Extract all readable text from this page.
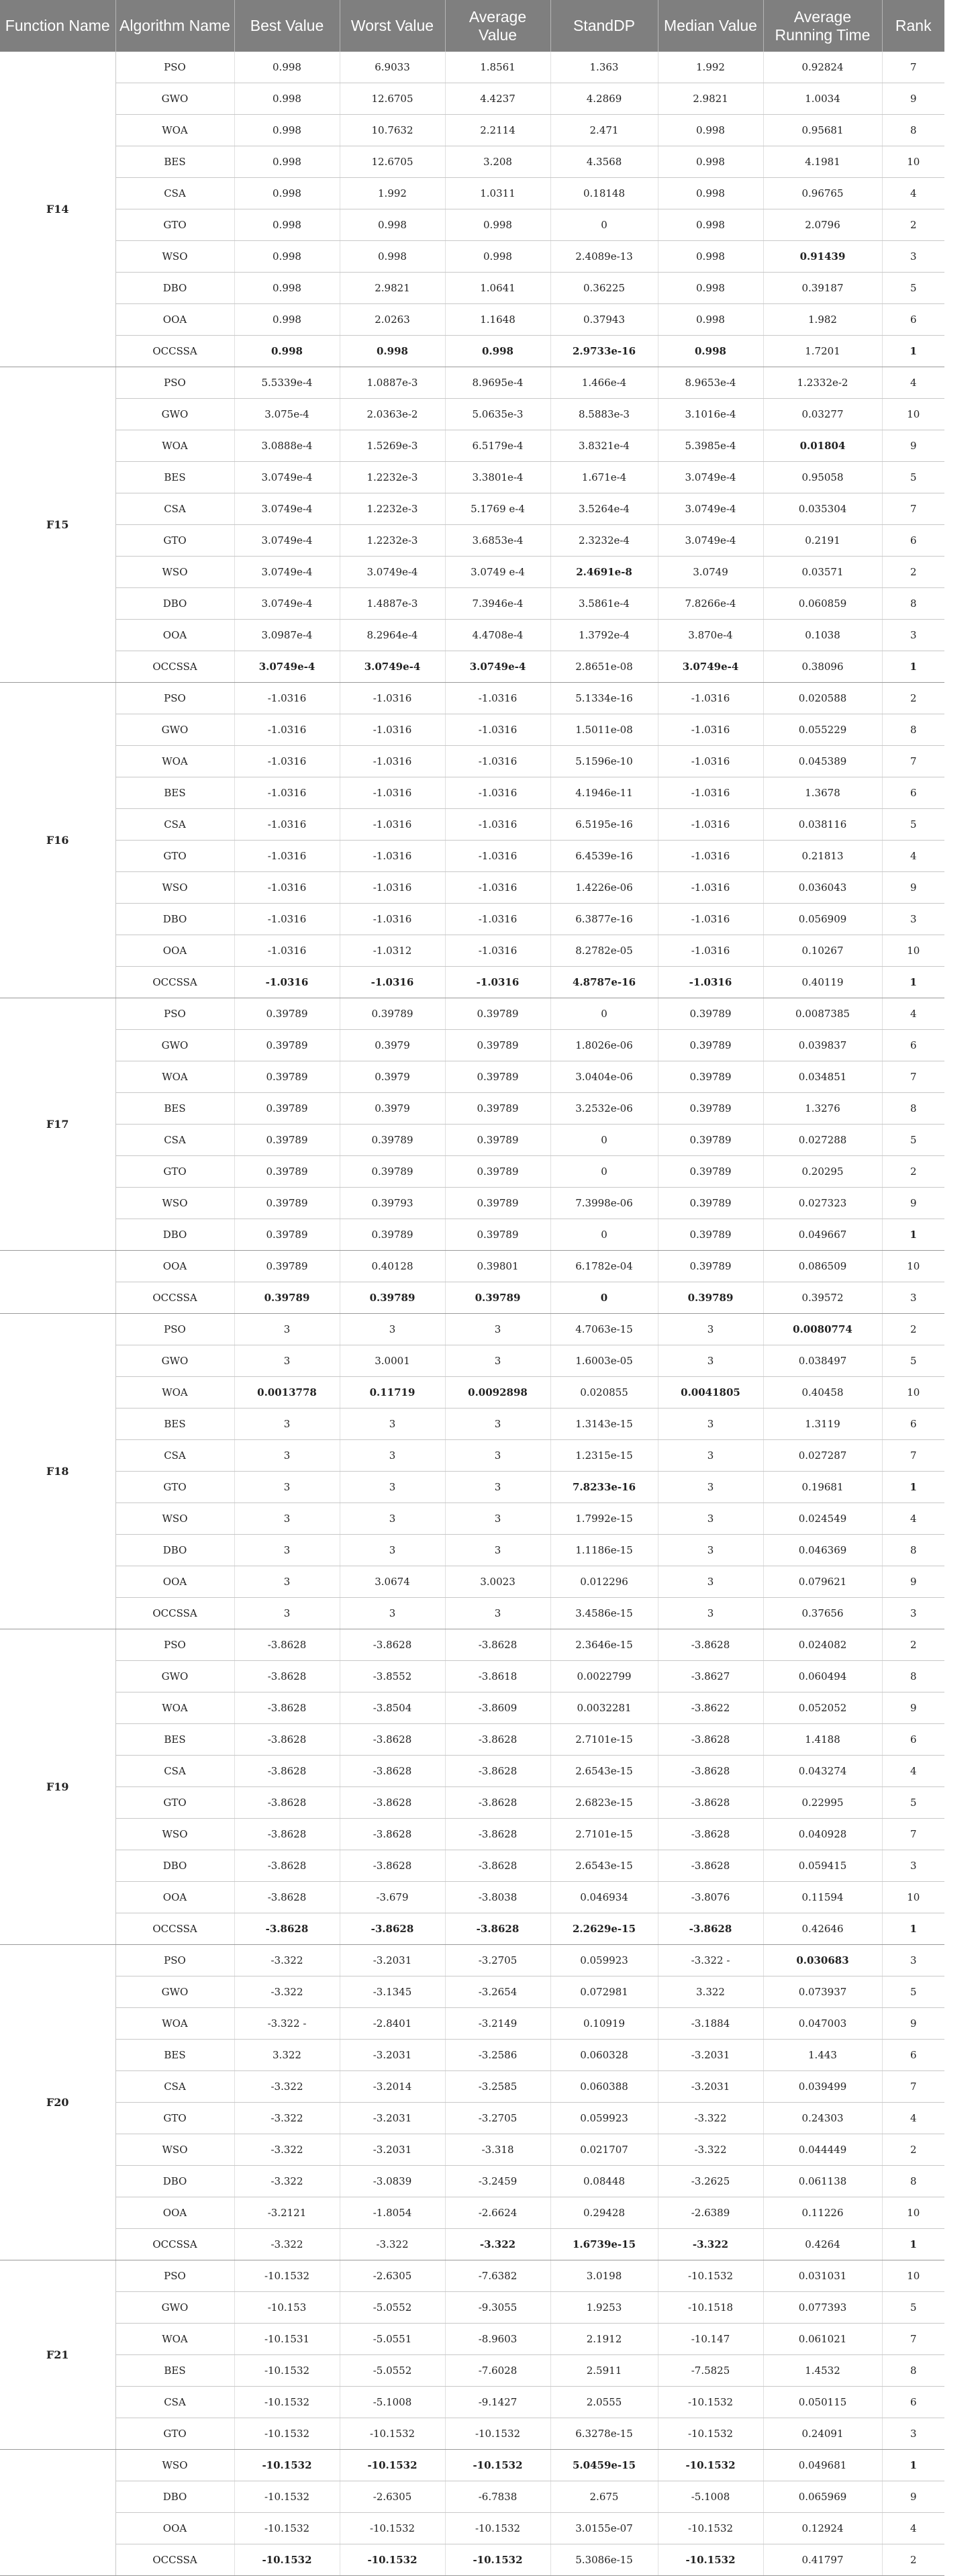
Function Name	Algorithm Name	Best Value	Worst Value	Average Value	StandDP	Median Value	Average Running Time	Rank
F14	PSO	0.998	6.9033	1.8561	1.363	1.992	0.92824	7
	GWO	0.998	12.6705	4.4237	4.2869	2.9821	1.0034	9
	WOA	0.998	10.7632	2.2114	2.471	0.998	0.95681	8
	BES	0.998	12.6705	3.208	4.3568	0.998	4.1981	10
	CSA	0.998	1.992	1.0311	0.18148	0.998	0.96765	4
	GTO	0.998	0.998	0.998	0	0.998	2.0796	2
	WSO	0.998	0.998	0.998	2.4089e-13	0.998	0.91439	3
	DBO	0.998	2.9821	1.0641	0.36225	0.998	0.39187	5
	OOA	0.998	2.0263	1.1648	0.37943	0.998	1.982	6
	OCCSSA	0.998	0.998	0.998	2.9733e-16	0.998	1.7201	1
F15	PSO	5.5339e-4	1.0887e-3	8.9695e-4	1.466e-4	8.9653e-4	1.2332e-2	4
	GWO	3.075e-4	2.0363e-2	5.0635e-3	8.5883e-3	3.1016e-4	0.03277	10
	WOA	3.0888e-4	1.5269e-3	6.5179e-4	3.8321e-4	5.3985e-4	0.01804	9
	BES	3.0749e-4	1.2232e-3	3.3801e-4	1.671e-4	3.0749e-4	0.95058	5
	CSA	3.0749e-4	1.2232e-3	5.1769 e-4	3.5264e-4	3.0749e-4	0.035304	7
	GTO	3.0749e-4	1.2232e-3	3.6853e-4	2.3232e-4	3.0749e-4	0.2191	6
	WSO	3.0749e-4	3.0749e-4	3.0749 e-4	2.4691e-8	3.0749	0.03571	2
	DBO	3.0749e-4	1.4887e-3	7.3946e-4	3.5861e-4	7.8266e-4	0.060859	8
	OOA	3.0987e-4	8.2964e-4	4.4708e-4	1.3792e-4	3.870e-4	0.1038	3
	OCCSSA	3.0749e-4	3.0749e-4	3.0749e-4	2.8651e-08	3.0749e-4	0.38096	1
F16	PSO	-1.0316	-1.0316	-1.0316	5.1334e-16	-1.0316	0.020588	2
	GWO	-1.0316	-1.0316	-1.0316	1.5011e-08	-1.0316	0.055229	8
	WOA	-1.0316	-1.0316	-1.0316	5.1596e-10	-1.0316	0.045389	7
	BES	-1.0316	-1.0316	-1.0316	4.1946e-11	-1.0316	1.3678	6
	CSA	-1.0316	-1.0316	-1.0316	6.5195e-16	-1.0316	0.038116	5
	GTO	-1.0316	-1.0316	-1.0316	6.4539e-16	-1.0316	0.21813	4
	WSO	-1.0316	-1.0316	-1.0316	1.4226e-06	-1.0316	0.036043	9
	DBO	-1.0316	-1.0316	-1.0316	6.3877e-16	-1.0316	0.056909	3
	OOA	-1.0316	-1.0312	-1.0316	8.2782e-05	-1.0316	0.10267	10
	OCCSSA	-1.0316	-1.0316	-1.0316	4.8787e-16	-1.0316	0.40119	1
F17	PSO	0.39789	0.39789	0.39789	0	0.39789	0.0087385	4
	GWO	0.39789	0.3979	0.39789	1.8026e-06	0.39789	0.039837	6
	WOA	0.39789	0.3979	0.39789	3.0404e-06	0.39789	0.034851	7
	BES	0.39789	0.3979	0.39789	3.2532e-06	0.39789	1.3276	8
	CSA	0.39789	0.39789	0.39789	0	0.39789	0.027288	5
	GTO	0.39789	0.39789	0.39789	0	0.39789	0.20295	2
	WSO	0.39789	0.39793	0.39789	7.3998e-06	0.39789	0.027323	9
	DBO	0.39789	0.39789	0.39789	0	0.39789	0.049667	1
	OOA	0.39789	0.40128	0.39801	6.1782e-04	0.39789	0.086509	10
	OCCSSA	0.39789	0.39789	0.39789	0	0.39789	0.39572	3
F18	PSO	3	3	3	4.7063e-15	3	0.0080774	2
	GWO	3	3.0001	3	1.6003e-05	3	0.038497	5
	WOA	0.0013778	0.11719	0.0092898	0.020855	0.0041805	0.40458	10
	BES	3	3	3	1.3143e-15	3	1.3119	6
	CSA	3	3	3	1.2315e-15	3	0.027287	7
	GTO	3	3	3	7.8233e-16	3	0.19681	1
	WSO	3	3	3	1.7992e-15	3	0.024549	4
	DBO	3	3	3	1.1186e-15	3	0.046369	8
	OOA	3	3.0674	3.0023	0.012296	3	0.079621	9
	OCCSSA	3	3	3	3.4586e-15	3	0.37656	3
F19	PSO	-3.8628	-3.8628	-3.8628	2.3646e-15	-3.8628	0.024082	2
	GWO	-3.8628	-3.8552	-3.8618	0.0022799	-3.8627	0.060494	8
	WOA	-3.8628	-3.8504	-3.8609	0.0032281	-3.8622	0.052052	9
	BES	-3.8628	-3.8628	-3.8628	2.7101e-15	-3.8628	1.4188	6
	CSA	-3.8628	-3.8628	-3.8628	2.6543e-15	-3.8628	0.043274	4
	GTO	-3.8628	-3.8628	-3.8628	2.6823e-15	-3.8628	0.22995	5
	WSO	-3.8628	-3.8628	-3.8628	2.7101e-15	-3.8628	0.040928	7
	DBO	-3.8628	-3.8628	-3.8628	2.6543e-15	-3.8628	0.059415	3
	OOA	-3.8628	-3.679	-3.8038	0.046934	-3.8076	0.11594	10
	OCCSSA	-3.8628	-3.8628	-3.8628	2.2629e-15	-3.8628	0.42646	1
F20	PSO	-3.322	-3.2031	-3.2705	0.059923	-3.322 -	0.030683	3
	GWO	-3.322	-3.1345	-3.2654	0.072981	3.322	0.073937	5
	WOA	-3.322 -	-2.8401	-3.2149	0.10919	-3.1884	0.047003	9
	BES	3.322	-3.2031	-3.2586	0.060328	-3.2031	1.443	6
	CSA	-3.322	-3.2014	-3.2585	0.060388	-3.2031	0.039499	7
	GTO	-3.322	-3.2031	-3.2705	0.059923	-3.322	0.24303	4
	WSO	-3.322	-3.2031	-3.318	0.021707	-3.322	0.044449	2
	DBO	-3.322	-3.0839	-3.2459	0.08448	-3.2625	0.061138	8
	OOA	-3.2121	-1.8054	-2.6624	0.29428	-2.6389	0.11226	10
	OCCSSA	-3.322	-3.322	-3.322	1.6739e-15	-3.322	0.4264	1
F21	PSO	-10.1532	-2.6305	-7.6382	3.0198	-10.1532	0.031031	10
	GWO	-10.153	-5.0552	-9.3055	1.9253	-10.1518	0.077393	5
	WOA	-10.1531	-5.0551	-8.9603	2.1912	-10.147	0.061021	7
	BES	-10.1532	-5.0552	-7.6028	2.5911	-7.5825	1.4532	8
	CSA	-10.1532	-5.1008	-9.1427	2.0555	-10.1532	0.050115	6
	GTO	-10.1532	-10.1532	-10.1532	6.3278e-15	-10.1532	0.24091	3
	WSO	-10.1532	-10.1532	-10.1532	5.0459e-15	-10.1532	0.049681	1
	DBO	-10.1532	-2.6305	-6.7838	2.675	-5.1008	0.065969	9
	OOA	-10.1532	-10.1532	-10.1532	3.0155e-07	-10.1532	0.12924	4
	OCCSSA	-10.1532	-10.1532	-10.1532	5.3086e-15	-10.1532	0.41797	2
